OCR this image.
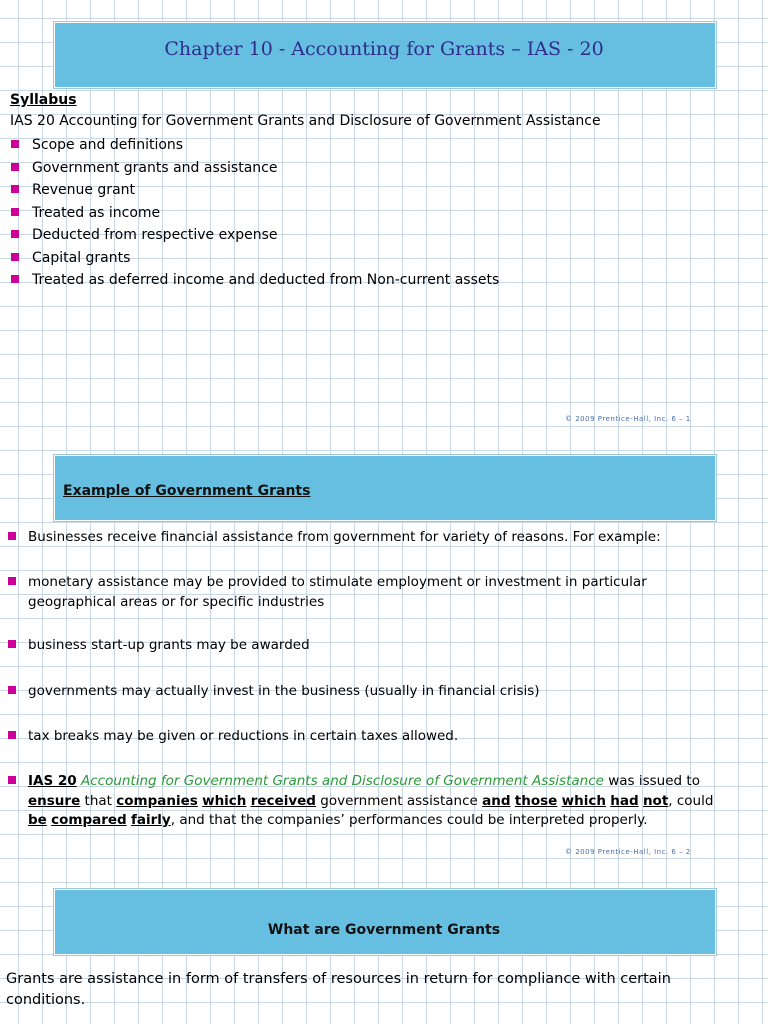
Chapter 10 - Accounting for Grants – IAS - 20
Syllabus
IAS 20 Accounting for Government Grants and Disclosure of Government Assistance
Scope and definitions
Government grants and assistance
Revenue grant
Treated as income
Deducted from respective expense
Capital grants
Treated as deferred income and deducted from Non-current assets
© 2009 Prentice-Hall, Inc. 6 – 1
Example of Government Grants
Businesses receive financial assistance from government for variety of reasons. For example:
monetary assistance may be provided to stimulate employment or investment in particular geographical areas or for specific industries
business start-up grants may be awarded
governments may actually invest in the business (usually in financial crisis)
tax breaks may be given or reductions in certain taxes allowed.
IAS 20 Accounting for Government Grants and Disclosure of Government Assistance was issued to ensure that companies which received government assistance and those which had not, could be compared fairly, and that the companies’ performances could be interpreted properly.
© 2009 Prentice-Hall, Inc. 6 – 2
What are Government Grants
Grants are assistance in form of transfers of resources in return for compliance with certain conditions.
